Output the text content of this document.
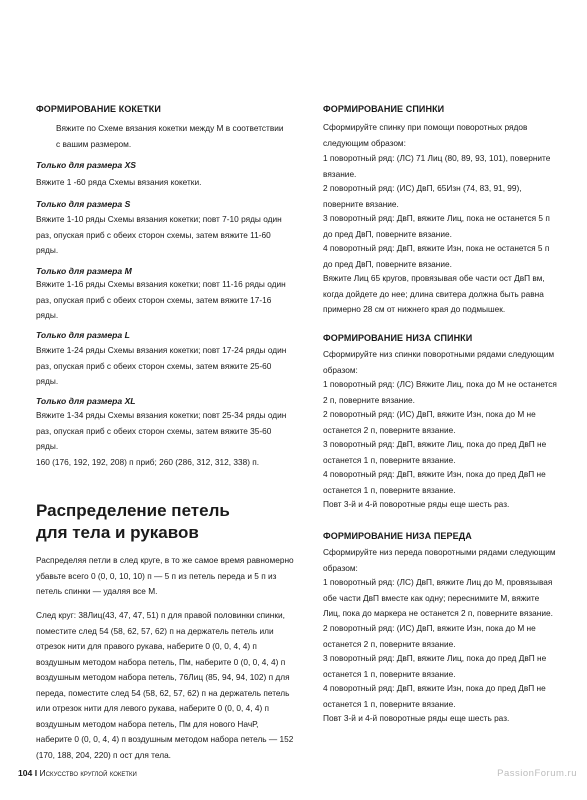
ФОРМИРОВАНИЕ КОКЕТКИ

Вяжите по Схеме вязания кокетки между M в соответствии с вашим размером.

Только для размера XS

Вяжите 1 -60 ряда Схемы вязания кокетки.

Только для размера S

Вяжите 1-10 ряды Схемы вязания кокетки; повт 7-10 ряды один раз, опуская приб с обеих сторон схемы, затем вяжите 11-60 ряды.

Только для размера M

Вяжите 1-16 ряды Схемы вязания кокетки; повт 11-16 ряды один раз, опуская приб с обеих сторон схемы, затем вяжите 17-16 ряды.

Только для размера L

Вяжите 1-24 ряды Схемы вязания кокетки; повт 17-24 ряды один раз, опуская приб с обеих сторон схемы, затем вяжите 25-60 ряды.

Только для размера XL

Вяжите 1-34 ряды Схемы вязания кокетки; повт 25-34 ряды один раз, опуская приб с обеих сторон схемы, затем вяжите 35-60 ряды.

160 (176, 192, 192, 208) п приб; 260 (286, 312, 312, 338) п.

Распределение петель
для тела и рукавов

Распределяя петли в след круге, в то же самое время равномерно убавьте всего 0 (0, 0, 10, 10) п — 5 п из петель переда и 5 п из петель спинки — удаляя все M.

След круг: 38Лиц(43, 47, 47, 51) п для правой половинки спинки, поместите след 54 (58, 62, 57, 62) п на держатель петель или отрезок нити для правого рукава, наберите 0 (0, 0, 4, 4) п воздушным методом набора петель, Пм, наберите 0 (0, 0, 4, 4) п воздушным методом набора петель, 76Лиц (85, 94, 94, 102) п для переда, поместите след 54 (58, 62, 57, 62) п на держатель петель или отрезок нити для левого рукава, наберите 0 (0, 0, 4, 4) п воздушным методом набора петель, Пм для нового НачР, наберите 0 (0, 0, 4, 4) п воздушным методом набора петель — 152 (170, 188, 204, 220) п ост для тела.

ФОРМИРОВАНИЕ СПИНКИ

Сформируйте спинку при помощи поворотных рядов следующим образом:

1 поворотный ряд: (ЛС) 71 Лиц (80, 89, 93, 101), поверните вязание.

2 поворотный ряд: (ИС) ДвП, 65Изн (74, 83, 91, 99), поверните вязание.

3 поворотный ряд: ДвП, вяжите Лиц, пока не останется 5 п до пред ДвП, поверните вязание.

4 поворотный ряд: ДвП, вяжите Изн, пока не останется 5 п до пред ДвП, поверните вязание.

Вяжите Лиц 65 кругов, провязывая обе части ост ДвП вм, когда дойдете до нее; длина свитера должна быть равна примерно 28 см от нижнего края до подмышек.

ФОРМИРОВАНИЕ НИЗА СПИНКИ

Сформируйте низ спинки поворотными рядами следующим образом:

1 поворотный ряд: (ЛС) Вяжите Лиц, пока до M не останется 2 п, поверните вязание.

2 поворотный ряд: (ИС) ДвП, вяжите Изн, пока до M не останется 2 п, поверните вязание.

3 поворотный ряд: ДвП, вяжите Лиц, пока до пред ДвП не останется 1 п, поверните вязание.

4 поворотный ряд: ДвП, вяжите Изн, пока до пред ДвП не останется 1 п, поверните вязание.

Повт 3-й и 4-й поворотные ряды еще шесть раз.

ФОРМИРОВАНИЕ НИЗА ПЕРЕДА

Сформируйте низ переда поворотными рядами следующим образом:

1 поворотный ряд: (ЛС) ДвП, вяжите Лиц до M, провязывая обе части ДвП вместе как одну; переснимите M, вяжите Лиц, пока до маркера не останется 2 п, поверните вязание.

2 поворотный ряд: (ИС) ДвП, вяжите Изн, пока до M не останется 2 п, поверните вязание.

3 поворотный ряд: ДвП, вяжите Лиц, пока до пред ДвП не останется 1 п, поверните вязание.

4 поворотный ряд: ДвП, вяжите Изн, пока до пред ДвП не останется 1 п, поверните вязание.

Повт 3-й и 4-й поворотные ряды еще шесть раз.

104 I Искусство круглой кокетки	PassionForum.ru
